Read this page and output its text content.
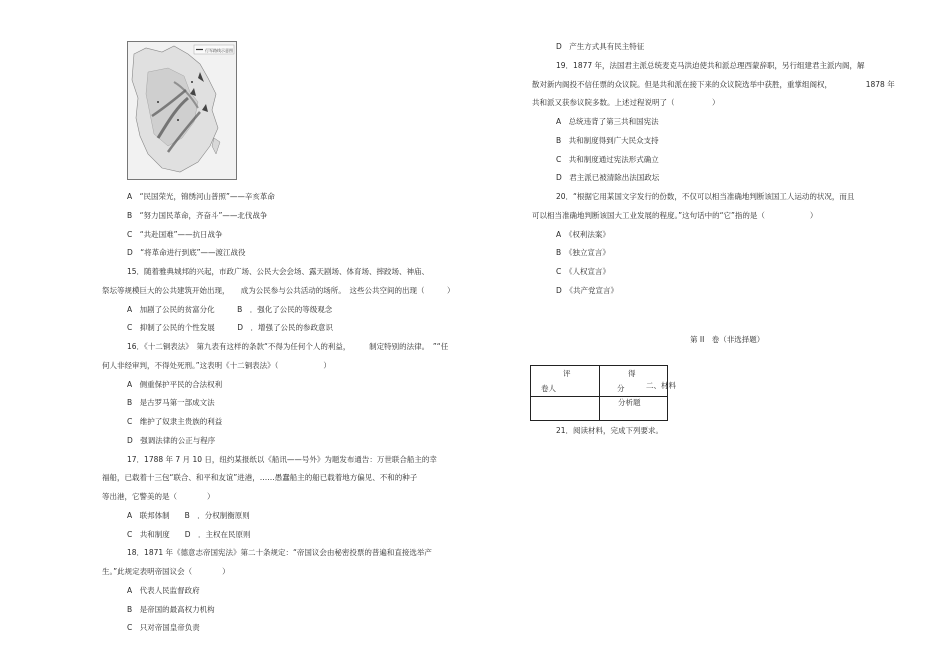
行军路线示意图
A　“民国荣光，锦绣河山普照”——辛亥革命
B　“努力国民革命，齐奋斗”——北伐战争
C　“共赴国难”——抗日战争
D　“将革命进行到底”——渡江战役
15．随着雅典城邦的兴起，市政广场、公民大会会场、露天剧场、体育场、摔跤场、神庙、
祭坛等规模巨大的公共建筑开始出现，　　成为公民参与公共活动的场所。　这些公共空间的出现（　　　）
A　加剧了公民的贫富分化　　　B　．强化了公民的等级观念
C　抑制了公民的个性发展　　　D　．增强了公民的参政意识
16．《十二铜表法》　第九表有这样的条款“不得为任何个人的利益，　　　制定特别的法律。　”“任
何人非经审判，不得处死刑。”这表明《十二铜表法》（　　　　　　）
A　侧重保护平民的合法权利
B　是古罗马第一部成文法
C　维护了奴隶主贵族的利益
D　强调法律的公正与程序
17．1788 年 7 月 10 日，纽约某报纸以《船讯——号外》为题发布通告：万世联合船主的幸
福船，已载着十三包“联合、和平和友谊”进港，……愚蠢船主的船已载着地方偏见、不和的种子
等出港，它警美的是（　　　　）
A　联邦体制　　B　．分权制衡原则
C　共和制度　　D　．主权在民原则
18．1871 年《德意志帝国宪法》第二十条规定：“帝国议会由秘密投票的普遍和直接选举产
生。”此规定表明帝国议会（　　　　）
A　代表人民监督政府
B　是帝国的最高权力机构
C　只对帝国皇帝负责
D　产生方式具有民主特征
19．1877 年，法国君主派总统麦克马洪迫使共和派总理西蒙辞职，另行组建君主派内阁，解
散对新内阁投不信任票的众议院。但是共和派在接下来的众议院选举中获胜，重掌组阁权，　　　　　1878 年
共和派又获参议院多数。上述过程说明了（　　　　　）
A　总统违背了第三共和国宪法
B　共和制度得到广大民众支持
C　共和制度通过宪法形式确立
D　君主派已被清除出法国政坛
20．“根据它用某国文字发行的份数，不仅可以相当准确地判断该国工人运动的状况，而且
可以相当准确地判断该国大工业发展的程度。”这句话中的“它”指的是（　　　　　　）
A　《权利法案》
B　《独立宣言》
C　《人权宣言》
D　《共产党宣言》
第 II　卷（非选择题）
评
卷人
得
分	二、材料
分析题
21．阅读材料，完成下列要求。
